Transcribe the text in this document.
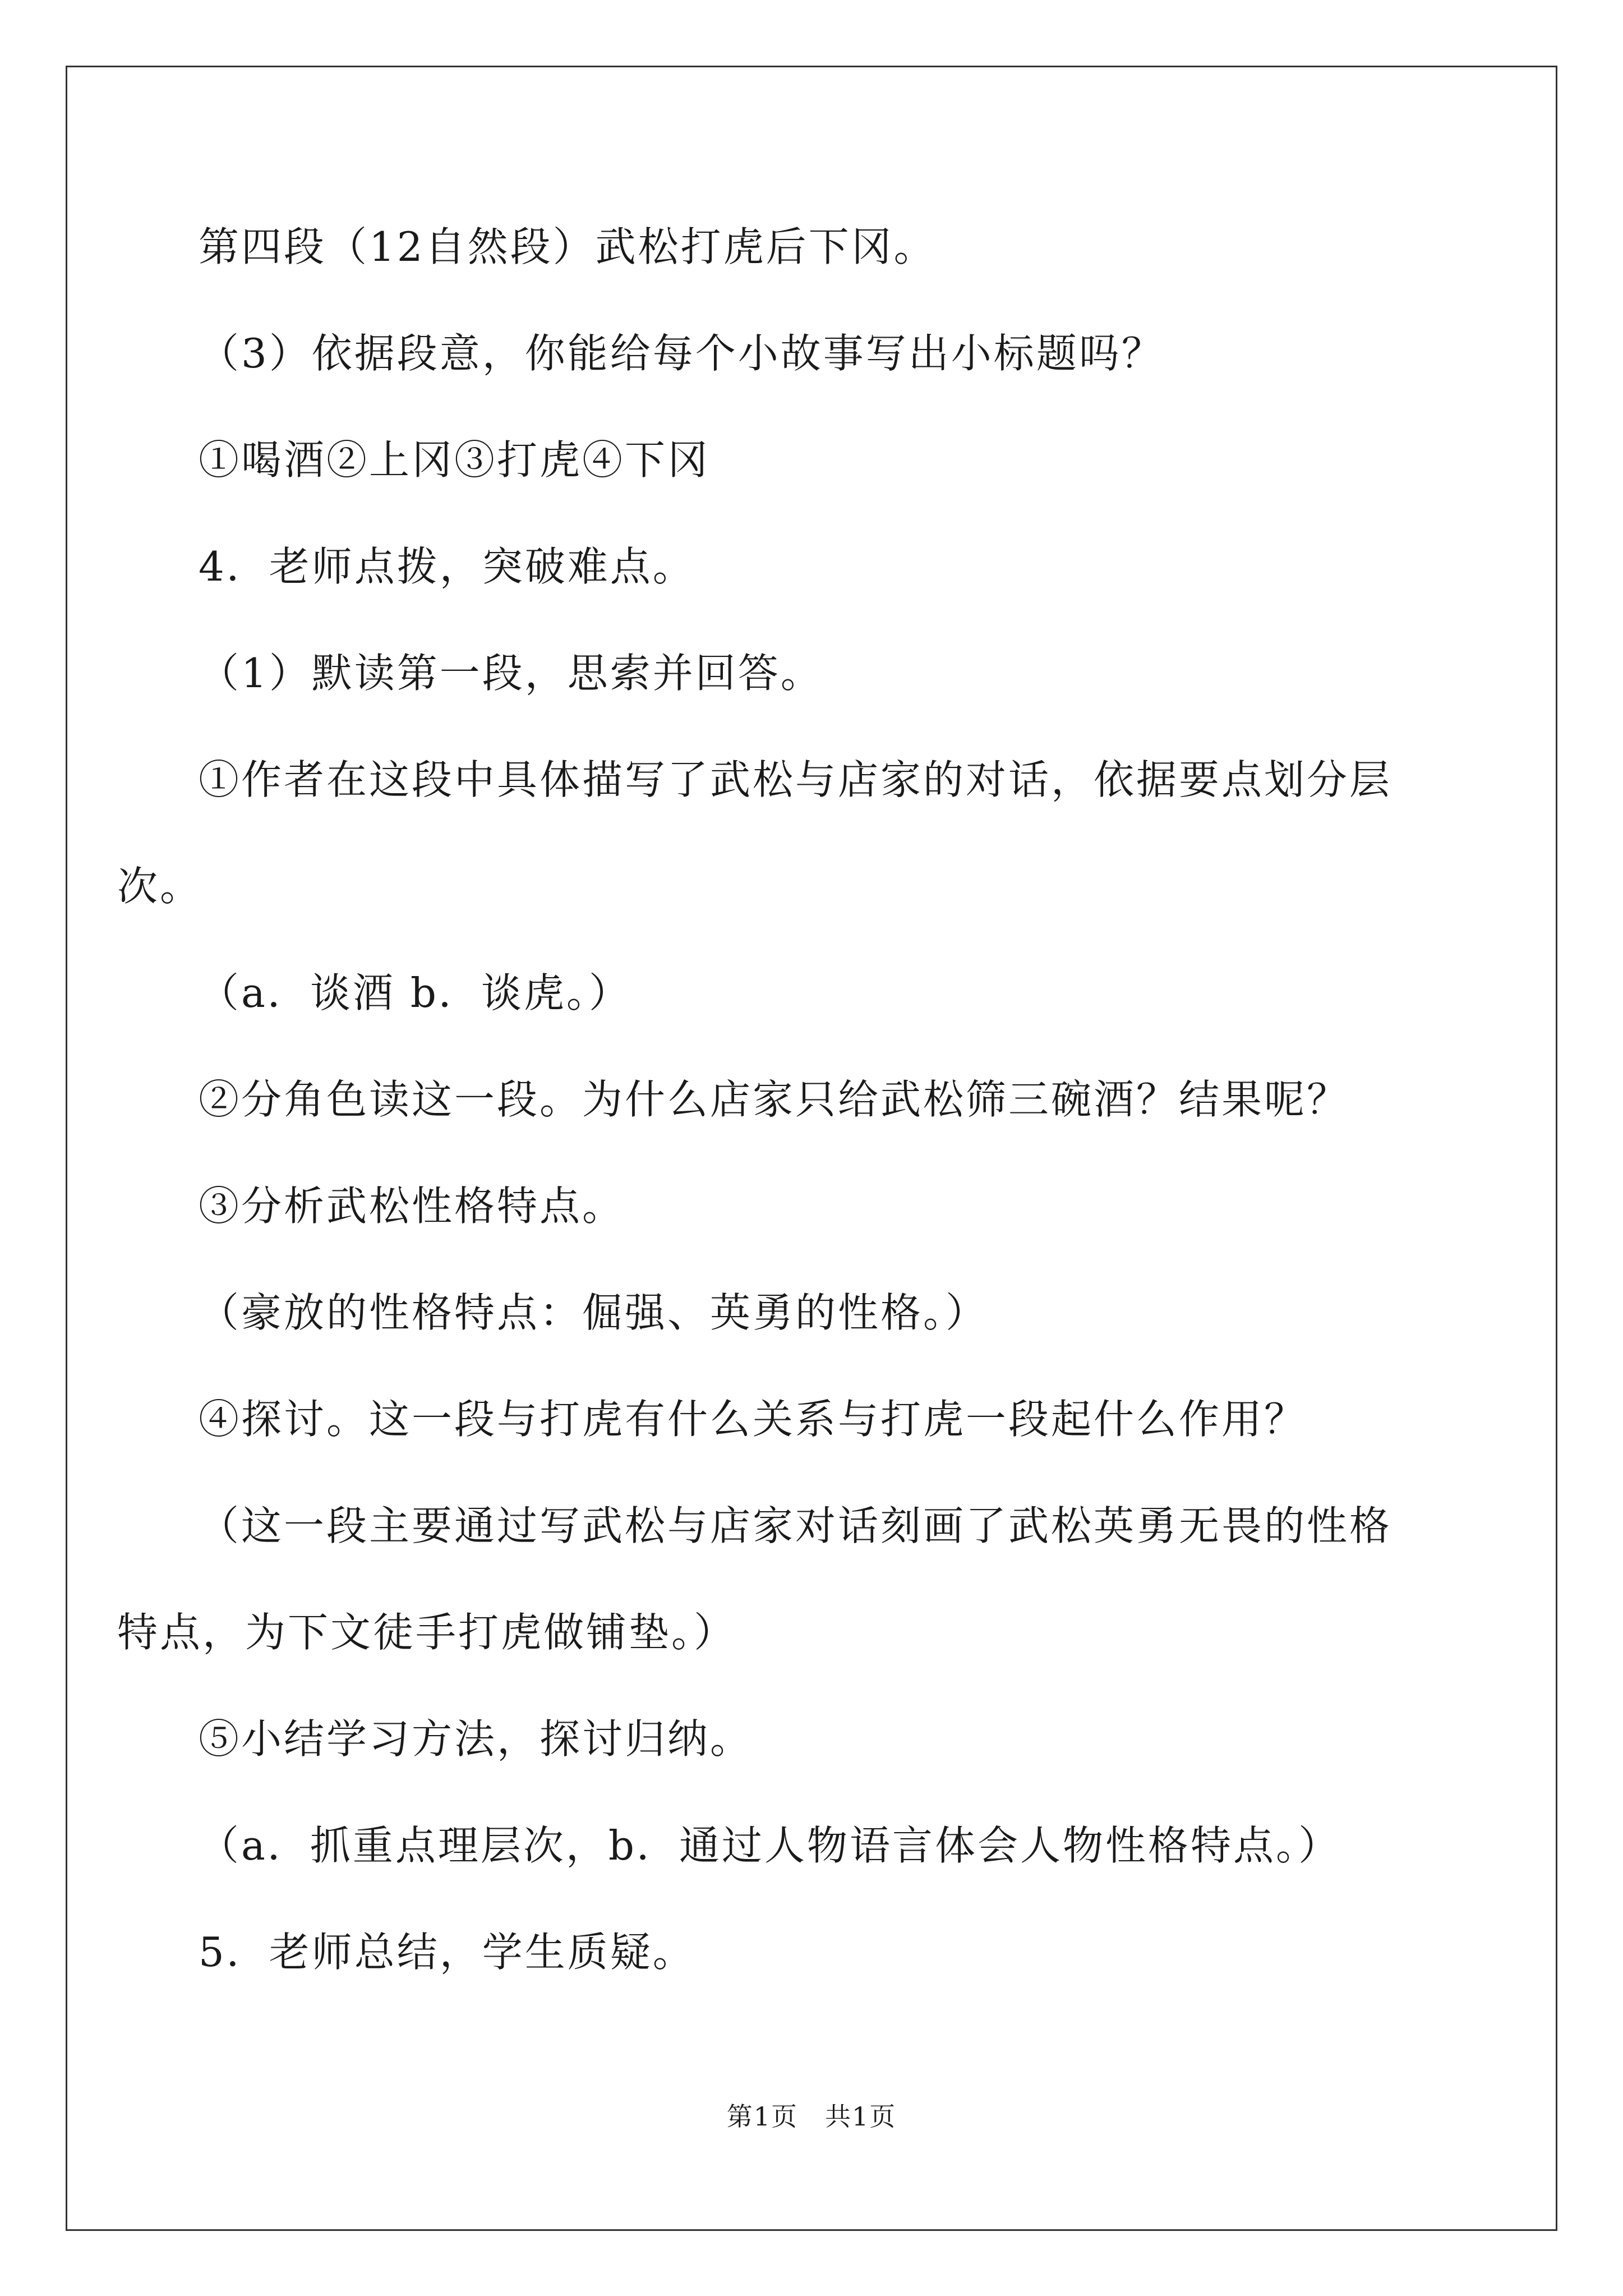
第四段（12自然段）武松打虎后下冈。
（3）依据段意，你能给每个小故事写出小标题吗？
①喝酒②上冈③打虎④下冈
4．老师点拨，突破难点。
（1）默读第一段，思索并回答。
①作者在这段中具体描写了武松与店家的对话，依据要点划分层
次。
（a．谈酒 b．谈虎。）
②分角色读这一段。为什么店家只给武松筛三碗酒？结果呢？
③分析武松性格特点。
（豪放的性格特点：倔强、英勇的性格。）
④探讨。这一段与打虎有什么关系与打虎一段起什么作用？
（这一段主要通过写武松与店家对话刻画了武松英勇无畏的性格
特点，为下文徒手打虎做铺垫。）
⑤小结学习方法，探讨归纳。
（a．抓重点理层次，b．通过人物语言体会人物性格特点。）
5．老师总结，学生质疑。
第1页　共1页
